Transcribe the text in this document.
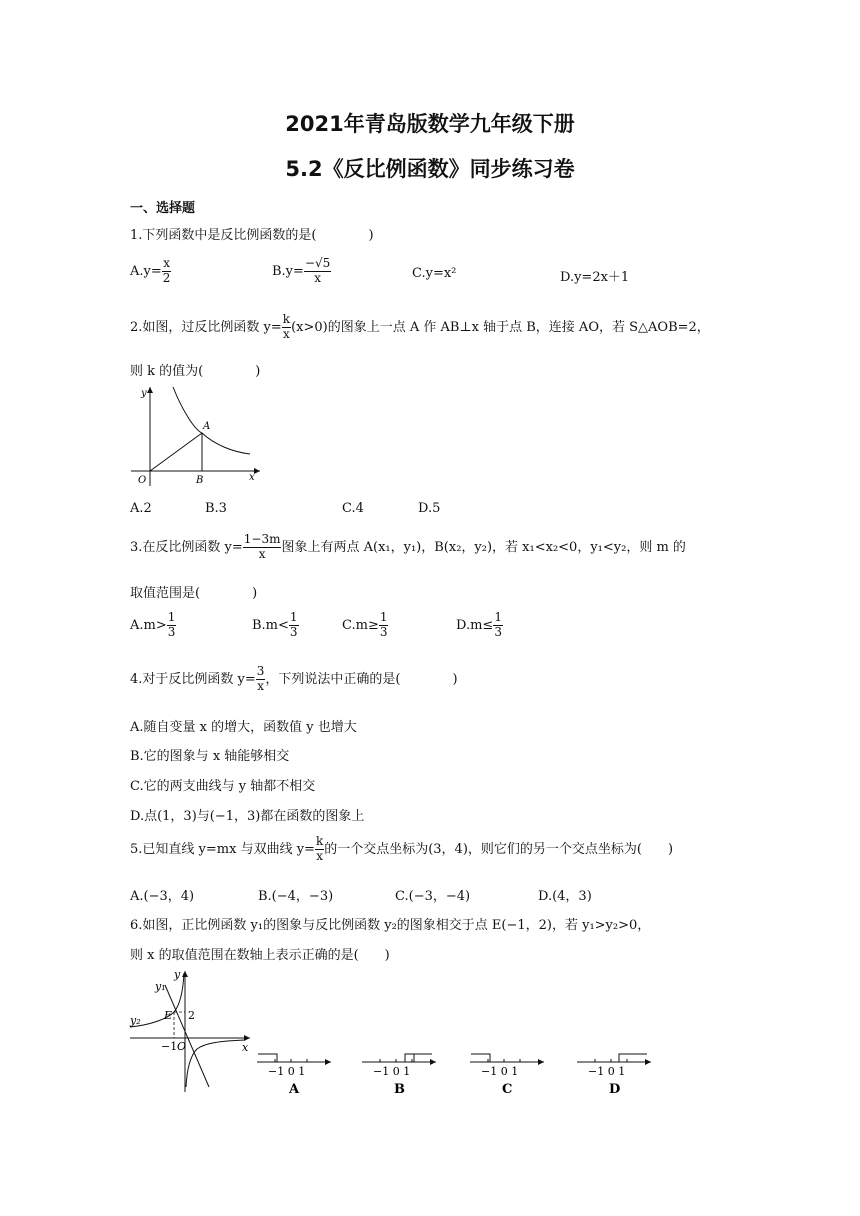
2021年青岛版数学九年级下册
5.2《反比例函数》同步练习卷
一、选择题
1.下列函数中是反比例函数的是(　　　　)
$A.y= \frac{x}{2}$	$B.y= \frac{-√5}{x}$	C.y=x²	D.y=2x＋1
2.如图，过反比例函数 $y= \frac{k}{x} (x>0)$的图象上一点 A 作 AB⊥x 轴于点 B，连接 AO，若 S△AOB=2，
则 k 的值为(　　　　)
y
x
O
A
B
A.2	B.3	C.4	D.5
3.在反比例函数 $y= \frac{1-3m}{x}$ 图象上有两点 A(x₁，y₁)，B(x₂，y₂)，若 x₁<x₂<0，y₁<y₂，则 m 的
取值范围是(　　　　)
$A.m> \frac{1}{3}$	$B.m< \frac{1}{3}$	$C.m\ge \frac{1}{3}$	$D.m\le \frac{1}{3}$
4.对于反比例函数 $y= \frac{3}{x}$ ，下列说法中正确的是(　　　　)
A.随自变量 x 的增大，函数值 y 也增大
B.它的图象与 x 轴能够相交
C.它的两支曲线与 y 轴都不相交
D.点(1，3)与(−1，3)都在函数的图象上
5.已知直线 y=mx 与双曲线 $y= \frac{k}{x}$ 的一个交点坐标为(3，4)，则它们的另一个交点坐标为(　　)
A.(−3，4)	B.(−4，−3)	C.(−3，−4)	D.(4，3)
6.如图，正比例函数 y₁的图象与反比例函数 y₂的图象相交于点 E(−1，2)，若 y₁>y₂>0，
则 x 的取值范围在数轴上表示正确的是(　　)
y
x
y₁
y₂ E 2
−1 O
−1 0 1
A
−1 0 1
B
−1 0 1
C
−1 0 1
D
